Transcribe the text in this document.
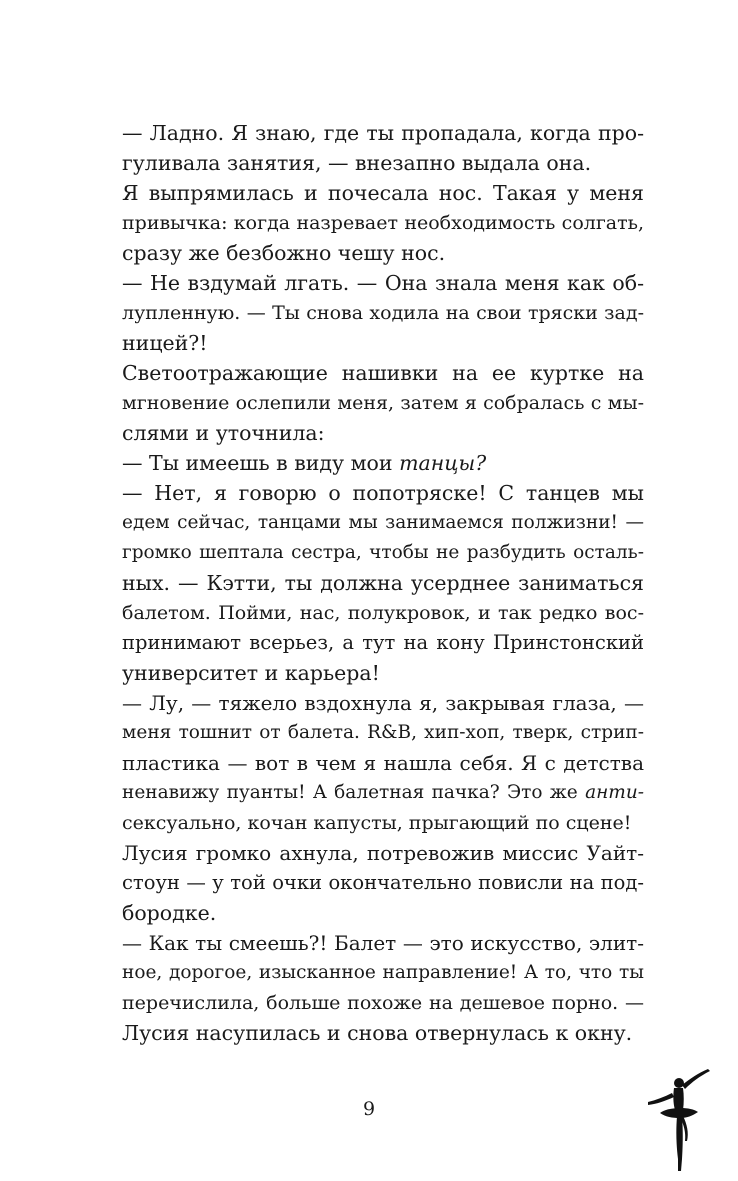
— Ладно. Я знаю, где ты пропадала, когда про-
гуливала занятия, — внезапно выдала она.
Я выпрямилась и почесала нос. Такая у меня
привычка: когда назревает необходимость солгать,
сразу же безбожно чешу нос.
— Не вздумай лгать. — Она знала меня как об-
лупленную. — Ты снова ходила на свои тряски зад-
ницей?!
Светоотражающие нашивки на ее куртке на
мгновение ослепили меня, затем я собралась с мы-
слями и уточнила:
— Ты имеешь в виду мои танцы?
— Нет, я говорю о попотряске! С танцев мы
едем сейчас, танцами мы занимаемся полжизни! —
громко шептала сестра, чтобы не разбудить осталь-
ных. — Кэтти, ты должна усерднее заниматься
балетом. Пойми, нас, полукровок, и так редко вос-
принимают всерьез, а тут на кону Принстонский
университет и карьера!
— Лу, — тяжело вздохнула я, закрывая глаза, —
меня тошнит от балета. R&B, хип-хоп, тверк, стрип-
пластика — вот в чем я нашла себя. Я с детства
ненавижу пуанты! А балетная пачка? Это же анти-
сексуально, кочан капусты, прыгающий по сцене!
Лусия громко ахнула, потревожив миссис Уайт-
стоун — у той очки окончательно повисли на под-
бородке.
— Как ты смеешь?! Балет — это искусство, элит-
ное, дорогое, изысканное направление! А то, что ты
перечислила, больше похоже на дешевое порно. —
Лусия насупилась и снова отвернулась к окну.
9
